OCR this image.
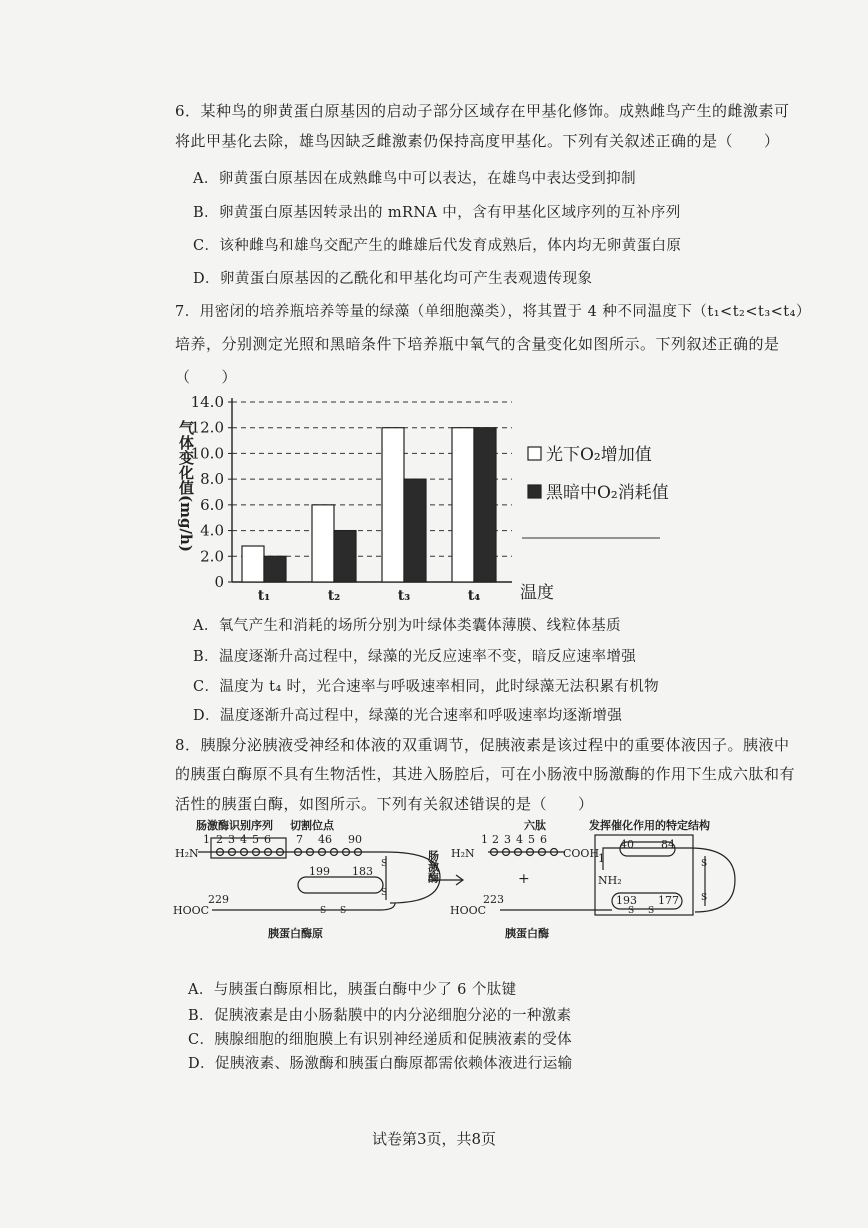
6．某种鸟的卵黄蛋白原基因的启动子部分区域存在甲基化修饰。成熟雌鸟产生的雌激素可
将此甲基化去除，雄鸟因缺乏雌激素仍保持高度甲基化。下列有关叙述正确的是（　　）
A．卵黄蛋白原基因在成熟雌鸟中可以表达，在雄鸟中表达受到抑制
B．卵黄蛋白原基因转录出的 mRNA 中，含有甲基化区域序列的互补序列
C．该种雌鸟和雄鸟交配产生的雌雄后代发育成熟后，体内均无卵黄蛋白原
D．卵黄蛋白原基因的乙酰化和甲基化均可产生表观遗传现象
7．用密闭的培养瓶培养等量的绿藻（单细胞藻类），将其置于 4 种不同温度下（t₁<t₂<t₃<t₄）
培养，分别测定光照和黑暗条件下培养瓶中氧气的含量变化如图所示。下列叙述正确的是
（　　）
0
2.0
4.0
6.0
8.0
10.0
12.0
14.0
t₁	t₂	t₃	t₄ 温度
气体变化值(mg/h)	光下O₂增加值
黑暗中O₂消耗值
A．氧气产生和消耗的场所分别为叶绿体类囊体薄膜、线粒体基质
B．温度逐渐升高过程中，绿藻的光反应速率不变，暗反应速率增强
C．温度为 t₄ 时，光合速率与呼吸速率相同，此时绿藻无法积累有机物
D．温度逐渐升高过程中，绿藻的光合速率和呼吸速率均逐渐增强
8．胰腺分泌胰液受神经和体液的双重调节，促胰液素是该过程中的重要体液因子。胰液中
的胰蛋白酶原不具有生物活性，其进入肠腔后，可在小肠液中肠激酶的作用下生成六肽和有
活性的胰蛋白酶，如图所示。下列有关叙述错误的是（　　）
肠激酶识别序列 切割位点	六肽	发挥催化作用的特定结构
肠激酶
胰蛋白酶原	胰蛋白酶
H₂N
HOOC
H₂N	COOH
HOOC
NH₂
+
1 2 3 4 5 6 7 46 90
199 183
229
1 2 3 4 5 6
1
40 84
193 177
223
S
S
S S
S
S
S S
A．与胰蛋白酶原相比，胰蛋白酶中少了 6 个肽键
B．促胰液素是由小肠黏膜中的内分泌细胞分泌的一种激素
C．胰腺细胞的细胞膜上有识别神经递质和促胰液素的受体
D．促胰液素、肠激酶和胰蛋白酶原都需依赖体液进行运输
试卷第3页，共8页
